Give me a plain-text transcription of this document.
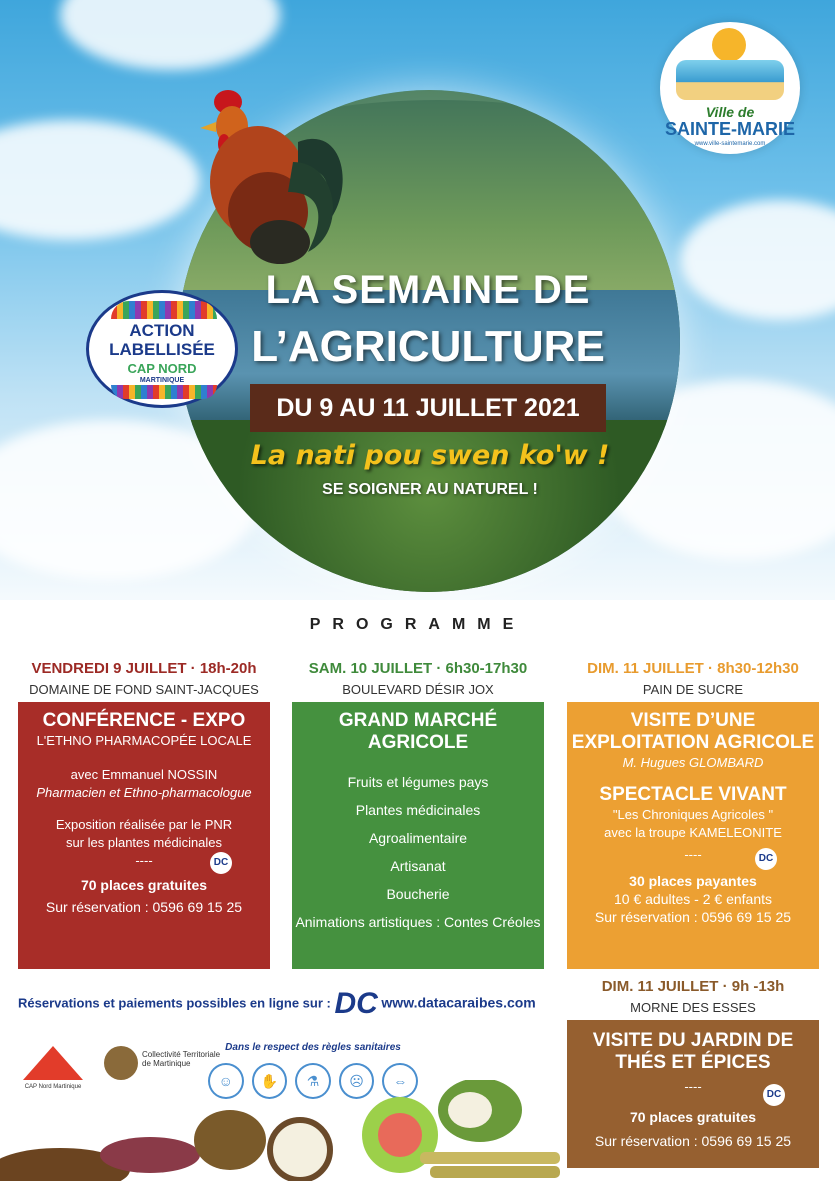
LA SEMAINE DE
L’AGRICULTURE
DU 9 AU 11 JUILLET 2021
La nati pou swen ko'w !
SE SOIGNER AU NATUREL !
ACTION
LABELLISÉE
CAP NORD
MARTINIQUE
Ville de
SAINTE-MARIE
www.ville-saintemarie.com
PROGRAMME
VENDREDI 9 JUILLET · 18h-20h
DOMAINE DE FOND SAINT-JACQUES
CONFÉRENCE - EXPO
L'ETHNO PHARMACOPÉE LOCALE
avec Emmanuel NOSSIN
Pharmacien et Ethno-pharmacologue
Exposition réalisée par le PNR
sur les plantes médicinales
----	DC
70 places gratuites
Sur réservation : 0596 69 15 25
SAM. 10 JUILLET · 6h30-17h30
BOULEVARD DÉSIR JOX
GRAND MARCHÉ
AGRICOLE
Fruits et légumes pays
Plantes médicinales
Agroalimentaire
Artisanat
Boucherie
Animations artistiques : Contes Créoles
DIM. 11 JUILLET · 8h30-12h30
PAIN DE SUCRE
VISITE D’UNE
EXPLOITATION AGRICOLE
M. Hugues GLOMBARD
SPECTACLE VIVANT
"Les Chroniques Agricoles "
avec la troupe KAMELEONITE
----	DC
30 places payantes
10 € adultes - 2 € enfants
Sur réservation : 0596 69 15 25
DIM. 11 JUILLET · 9h -13h
MORNE DES ESSES
VISITE DU JARDIN DE
THÉS ET ÉPICES
----
DC
70 places gratuites
Sur réservation : 0596 69 15 25
Réservations et paiements possibles en ligne sur : DC www.datacaraibes.com
CAP Nord Martinique
Collectivité Territoriale de Martinique
Dans le respect des règles sanitaires
☺	✋	⚗	☹	⇔
